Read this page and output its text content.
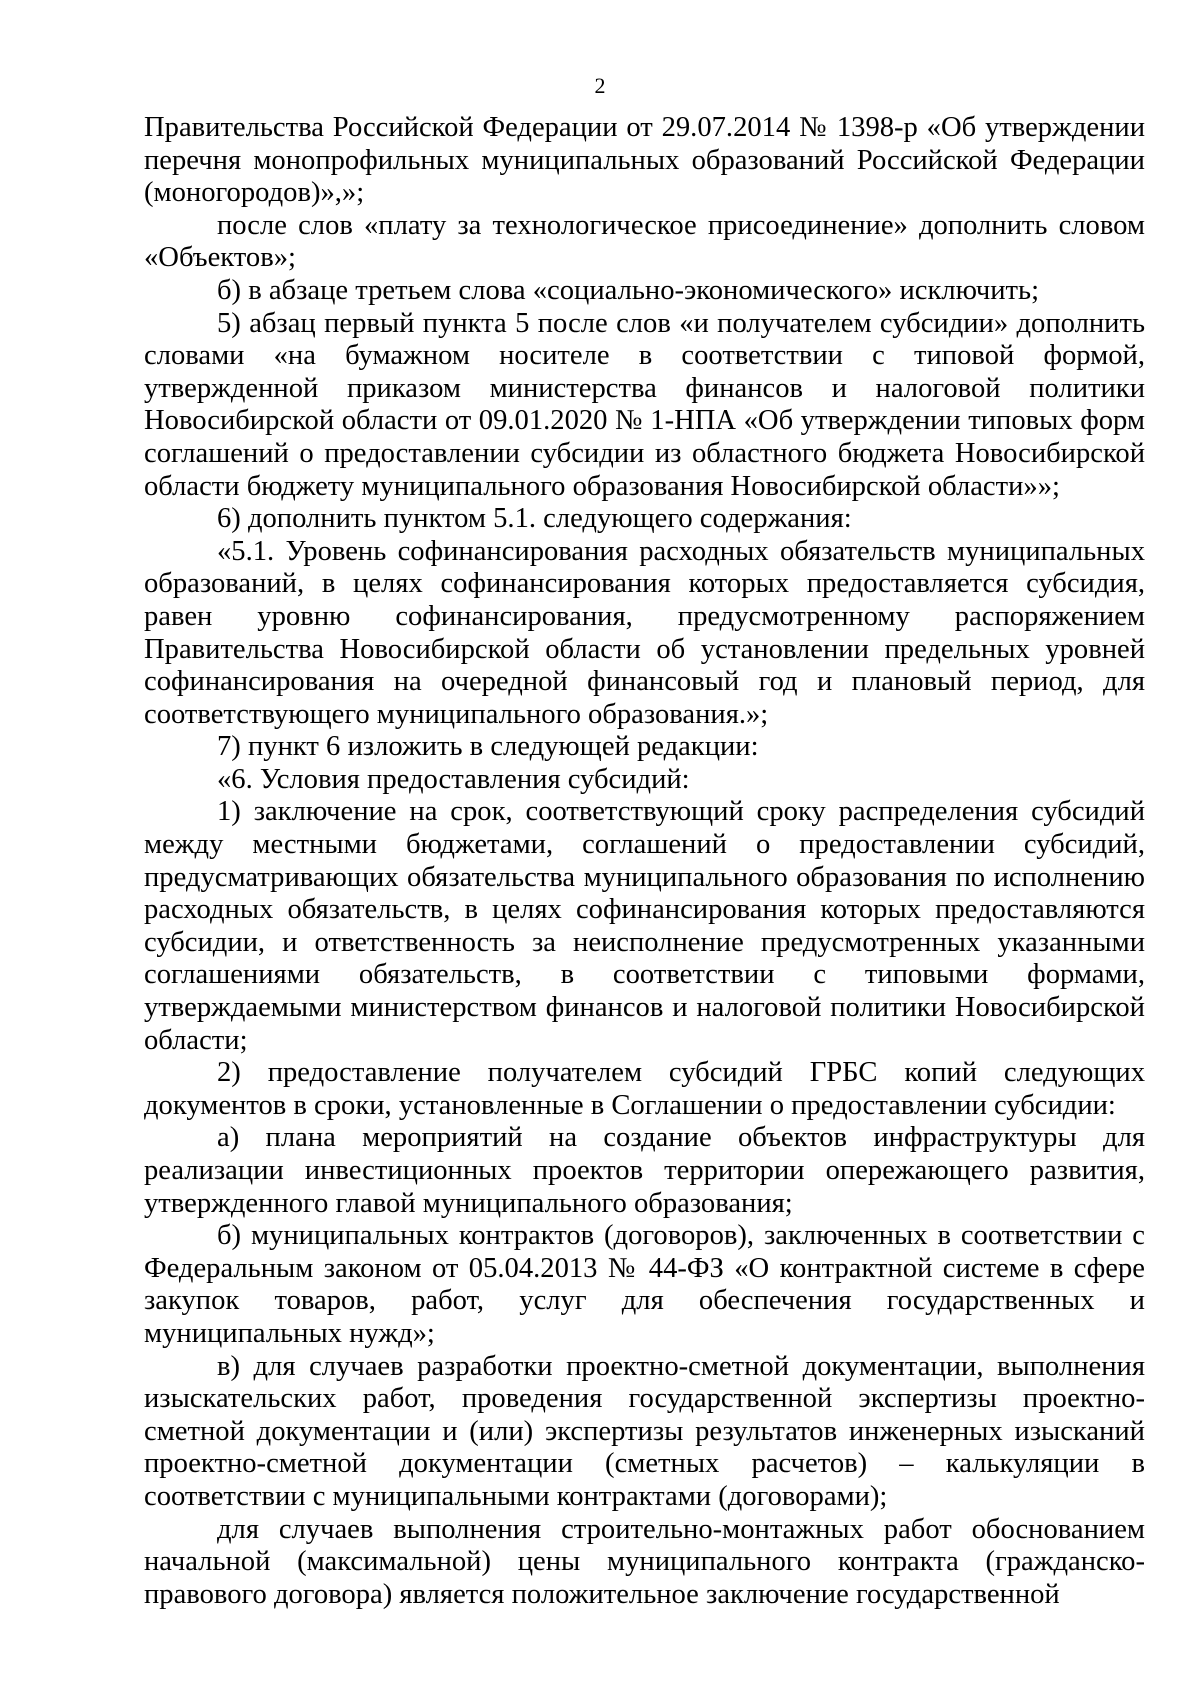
2

Правительства Российской Федерации от 29.07.2014 № 1398-р «Об утверждении перечня монопрофильных муниципальных образований Российской Федерации (моногородов)»,»;

после слов «плату за технологическое присоединение» дополнить словом «Объектов»;

б) в абзаце третьем слова «социально-экономического» исключить;

5) абзац первый пункта 5 после слов «и получателем субсидии» дополнить словами «на бумажном носителе в соответствии с типовой формой, утвержденной приказом министерства финансов и налоговой политики Новосибирской области от 09.01.2020 № 1-НПА «Об утверждении типовых форм соглашений о предоставлении субсидии из областного бюджета Новосибирской области бюджету муниципального образования Новосибирской области»»;

6) дополнить пунктом 5.1. следующего содержания:

«5.1. Уровень софинансирования расходных обязательств муниципальных образований, в целях софинансирования которых предоставляется субсидия, равен уровню софинансирования, предусмотренному распоряжением Правительства Новосибирской области об установлении предельных уровней софинансирования на очередной финансовый год и плановый период, для соответствующего муниципального образования.»;

7) пункт 6 изложить в следующей редакции:

«6. Условия предоставления субсидий:

1) заключение на срок, соответствующий сроку распределения субсидий между местными бюджетами, соглашений о предоставлении субсидий, предусматривающих обязательства муниципального образования по исполнению расходных обязательств, в целях софинансирования которых предоставляются субсидии, и ответственность за неисполнение предусмотренных указанными соглашениями обязательств, в соответствии с типовыми формами, утверждаемыми министерством финансов и налоговой политики Новосибирской области;

2) предоставление получателем субсидий ГРБС копий следующих документов в сроки, установленные в Соглашении о предоставлении субсидии:

а) плана мероприятий на создание объектов инфраструктуры для реализации инвестиционных проектов территории опережающего развития, утвержденного главой муниципального образования;

б) муниципальных контрактов (договоров), заключенных в соответствии с Федеральным законом от 05.04.2013 № 44-ФЗ «О контрактной системе в сфере закупок товаров, работ, услуг для обеспечения государственных и муниципальных нужд»;

в) для случаев разработки проектно-сметной документации, выполнения изыскательских работ, проведения государственной экспертизы проектно-сметной документации и (или) экспертизы результатов инженерных изысканий проектно-сметной документации (сметных расчетов) – калькуляции в соответствии с муниципальными контрактами (договорами);

для случаев выполнения строительно-монтажных работ обоснованием начальной (максимальной) цены муниципального контракта (гражданско-правового договора) является положительное заключение государственной
